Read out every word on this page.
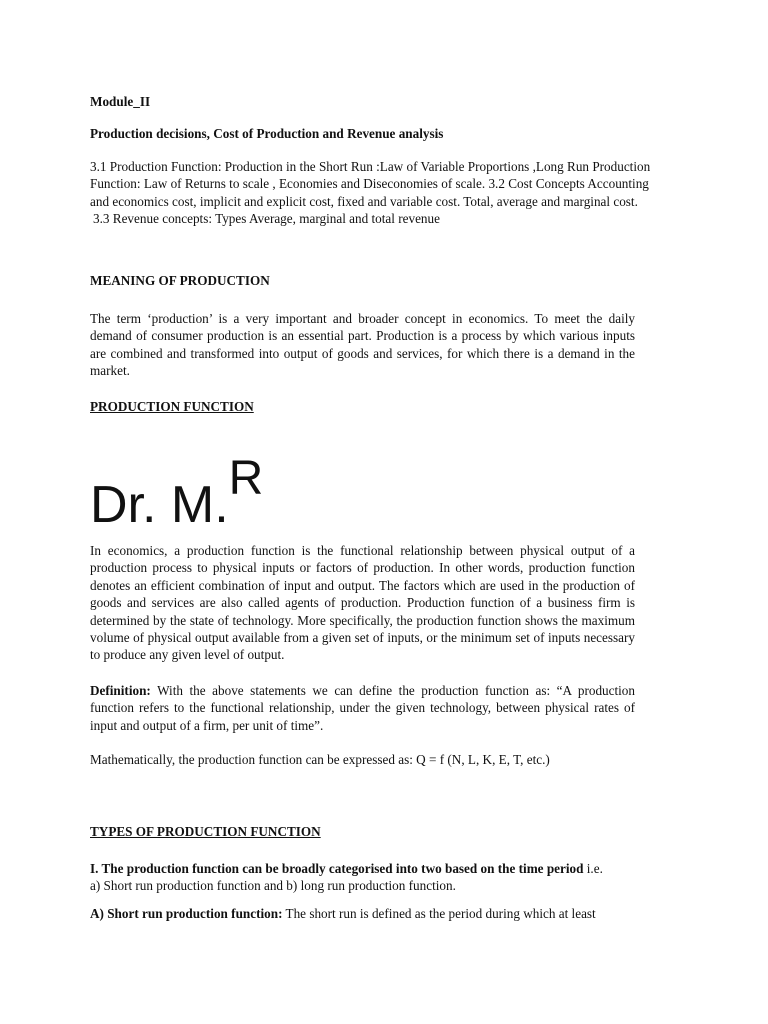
Module_II

Production decisions, Cost of Production and Revenue analysis

3.1 Production Function: Production in the Short Run :Law of Variable Proportions ,Long Run Production
Function: Law of Returns to scale , Economies and Diseconomies of scale. 3.2 Cost Concepts Accounting
and economics cost, implicit and explicit cost, fixed and variable cost. Total, average and marginal cost.
3.3 Revenue concepts: Types Average, marginal and total revenue

MEANING OF PRODUCTION

The term ‘production’ is a very important and broader concept in economics. To meet the daily demand of consumer production is an essential part. Production is a process by which various inputs are combined and transformed into output of goods and services, for which there is a demand in the market.

PRODUCTION FUNCTION

Dr. M.R

In economics, a production function is the functional relationship between physical output of a production process to physical inputs or factors of production. In other words, production function denotes an efficient combination of input and output. The factors which are used in the production of goods and services are also called agents of production. Production function of a business firm is determined by the state of technology. More specifically, the production function shows the maximum volume of physical output available from a given set of inputs, or the minimum set of inputs necessary to produce any given level of output.

Definition: With the above statements we can define the production function as: “A production function refers to the functional relationship, under the given technology, between physical rates of input and output of a firm, per unit of time”.

Mathematically, the production function can be expressed as: Q = f (N, L, K, E, T, etc.)

TYPES OF PRODUCTION FUNCTION

I. The production function can be broadly categorised into two based on the time period i.e.
a) Short run production function and b) long run production function.

A) Short run production function: The short run is defined as the period during which at least
